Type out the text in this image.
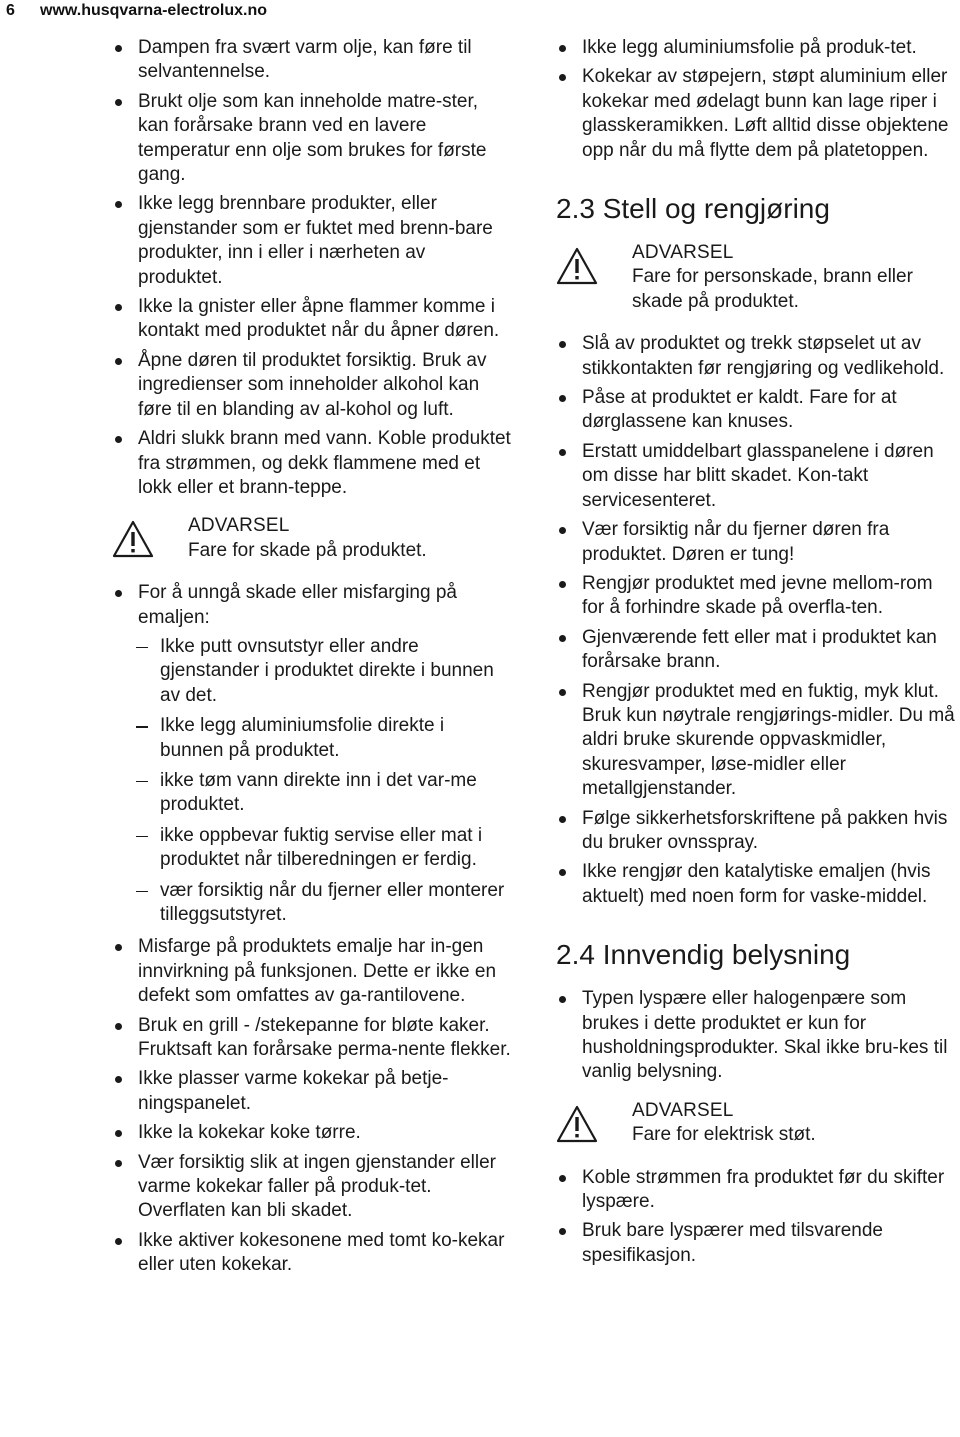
6 www.husqvarna-electrolux.no
Dampen fra svært varm olje, kan føre til selvantennelse.
Brukt olje som kan inneholde matre-ster, kan forårsake brann ved en lavere temperatur enn olje som brukes for første gang.
Ikke legg brennbare produkter, eller gjenstander som er fuktet med brenn-bare produkter, inn i eller i nærheten av produktet.
Ikke la gnister eller åpne flammer komme i kontakt med produktet når du åpner døren.
Åpne døren til produktet forsiktig. Bruk av ingredienser som inneholder alkohol kan føre til en blanding av al-kohol og luft.
Aldri slukk brann med vann. Koble produktet fra strømmen, og dekk flammene med et lokk eller et brann-teppe.
ADVARSEL
Fare for skade på produktet.
For å unngå skade eller misfarging på emaljen:
Ikke putt ovnsutstyr eller andre gjenstander i produktet direkte i bunnen av det.
Ikke legg aluminiumsfolie direkte i bunnen på produktet.
ikke tøm vann direkte inn i det var-me produktet.
ikke oppbevar fuktig servise eller mat i produktet når tilberedningen er ferdig.
vær forsiktig når du fjerner eller monterer tilleggsutstyret.
Misfarge på produktets emalje har in-gen innvirkning på funksjonen. Dette er ikke en defekt som omfattes av ga-rantilovene.
Bruk en grill - /stekepanne for bløte kaker. Fruktsaft kan forårsake perma-nente flekker.
Ikke plasser varme kokekar på betje-ningspanelet.
Ikke la kokekar koke tørre.
Vær forsiktig slik at ingen gjenstander eller varme kokekar faller på produk-tet. Overflaten kan bli skadet.
Ikke aktiver kokesonene med tomt ko-kekar eller uten kokekar.
Ikke legg aluminiumsfolie på produk-tet.
Kokekar av støpejern, støpt aluminium eller kokekar med ødelagt bunn kan lage riper i glasskeramikken. Løft alltid disse objektene opp når du må flytte dem på platetoppen.
2.3 Stell og rengjøring
ADVARSEL
Fare for personskade, brann eller skade på produktet.
Slå av produktet og trekk støpselet ut av stikkontakten før rengjøring og vedlikehold.
Påse at produktet er kaldt. Fare for at dørglassene kan knuses.
Erstatt umiddelbart glasspanelene i døren om disse har blitt skadet. Kon-takt servicesenteret.
Vær forsiktig når du fjerner døren fra produktet. Døren er tung!
Rengjør produktet med jevne mellom-rom for å forhindre skade på overfla-ten.
Gjenværende fett eller mat i produktet kan forårsake brann.
Rengjør produktet med en fuktig, myk klut. Bruk kun nøytrale rengjørings-midler. Du må aldri bruke skurende oppvaskmidler, skuresvamper, løse-midler eller metallgjenstander.
Følge sikkerhetsforskriftene på pakken hvis du bruker ovnsspray.
Ikke rengjør den katalytiske emaljen (hvis aktuelt) med noen form for vaske-middel.
2.4 Innvendig belysning
Typen lyspære eller halogenpære som brukes i dette produktet er kun for husholdningsprodukter. Skal ikke bru-kes til vanlig belysning.
ADVARSEL
Fare for elektrisk støt.
Koble strømmen fra produktet før du skifter lyspære.
Bruk bare lyspærer med tilsvarende spesifikasjon.
